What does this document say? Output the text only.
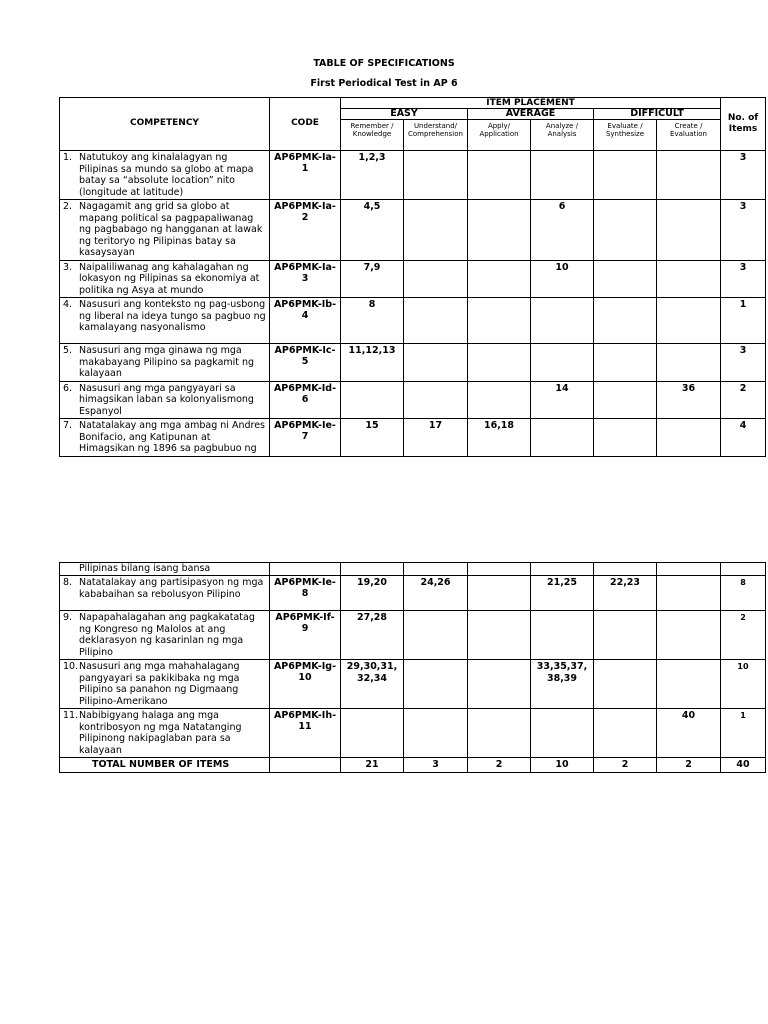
TABLE OF SPECIFICATIONS
First Periodical Test in AP 6
COMPETENCY	CODE	ITEM PLACEMENT						No. of Items
		EASY		AVERAGE		DIFFICULT		
		Remember / Knowledge	Understand/ Comprehension	Apply/ Application	Analyze / Analysis	Evaluate / Synthesize	Create / Evaluation	

1. Natutukoy ang kinalalagyan ng Pilipinas sa mundo sa globo at mapa batay sa “absolute location” nito (longitude at latitude)	AP6PMK-Ia-1	1,2,3						3

2. Nagagamit ang grid sa globo at mapang political sa pagpapaliwanag ng pagbabago ng hangganan at lawak ng teritoryo ng Pilipinas batay sa kasaysayan	AP6PMK-Ia-2	4,5			6			3

3. Naipaliliwanag ang kahalagahan ng lokasyon ng Pilipinas sa ekonomiya at politika ng Asya at mundo	AP6PMK-Ia-3	7,9			10			3

4. Nasusuri ang konteksto ng pag-usbong ng liberal na ideya tungo sa pagbuo ng kamalayang nasyonalismo	AP6PMK-Ib-4	8						1

5. Nasusuri ang mga ginawa ng mga makabayang Pilipino sa pagkamit ng kalayaan	AP6PMK-Ic-5	11,12,13						3

6. Nasusuri ang mga pangyayari sa himagsikan laban sa kolonyalismong Espanyol	AP6PMK-Id-6				14		36	2

7. Natatalakay ang mga ambag ni Andres Bonifacio, ang Katipunan at Himagsikan ng 1896 sa pagbubuo ng	AP6PMK-Ie-7	15	17	16,18				4
Pilipinas bilang isang bansa								

8. Natatalakay ang partisipasyon ng mga kababaihan sa rebolusyon Pilipino	AP6PMK-Ie-8	19,20	24,26		21,25	22,23		8

9. Napapahalagahan ang pagkakatatag ng Kongreso ng Malolos at ang deklarasyon ng kasarinlan ng mga Pilipino	AP6PMK-If-9	27,28						2

10. Nasusuri ang mga mahahalagang pangyayari sa pakikibaka ng mga Pilipino sa panahon ng Digmaang Pilipino-Amerikano	AP6PMK-Ig-10	29,30,31, 32,34			33,35,37, 38,39			10

11. Nabibigyang halaga ang mga kontribosyon ng mga Natatanging Pilipinong nakipaglaban para sa kalayaan	AP6PMK-Ih-11						40	1
TOTAL NUMBER OF ITEMS		21	3	2	10	2	2	40
